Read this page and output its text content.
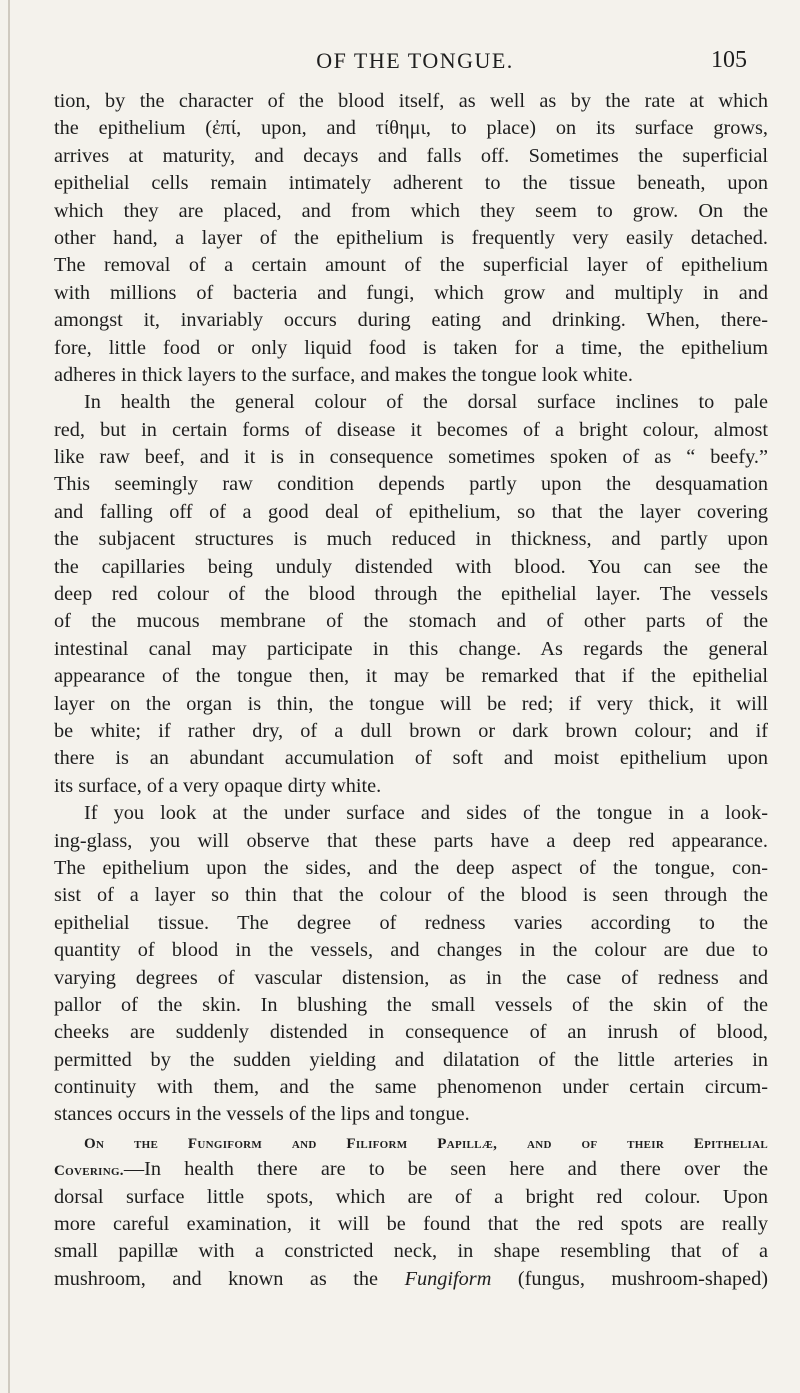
OF THE TONGUE.	105
tion, by the character of the blood itself, as well as by the rate at which
the epithelium (ἐπί, upon, and τίθημι, to place) on its surface grows,
arrives at maturity, and decays and falls off. Sometimes the superficial
epithelial cells remain intimately adherent to the tissue beneath, upon
which they are placed, and from which they seem to grow. On the
other hand, a layer of the epithelium is frequently very easily detached.
The removal of a certain amount of the superficial layer of epithelium
with millions of bacteria and fungi, which grow and multiply in and
amongst it, invariably occurs during eating and drinking. When, there-
fore, little food or only liquid food is taken for a time, the epithelium
adheres in thick layers to the surface, and makes the tongue look white.
In health the general colour of the dorsal surface inclines to pale
red, but in certain forms of disease it becomes of a bright colour, almost
like raw beef, and it is in consequence sometimes spoken of as “ beefy.”
This seemingly raw condition depends partly upon the desquamation
and falling off of a good deal of epithelium, so that the layer covering
the subjacent structures is much reduced in thickness, and partly upon
the capillaries being unduly distended with blood. You can see the
deep red colour of the blood through the epithelial layer. The vessels
of the mucous membrane of the stomach and of other parts of the
intestinal canal may participate in this change. As regards the general
appearance of the tongue then, it may be remarked that if the epithelial
layer on the organ is thin, the tongue will be red; if very thick, it will
be white; if rather dry, of a dull brown or dark brown colour; and if
there is an abundant accumulation of soft and moist epithelium upon
its surface, of a very opaque dirty white.
If you look at the under surface and sides of the tongue in a look-
ing-glass, you will observe that these parts have a deep red appearance.
The epithelium upon the sides, and the deep aspect of the tongue, con-
sist of a layer so thin that the colour of the blood is seen through the
epithelial tissue. The degree of redness varies according to the
quantity of blood in the vessels, and changes in the colour are due to
varying degrees of vascular distension, as in the case of redness and
pallor of the skin. In blushing the small vessels of the skin of the
cheeks are suddenly distended in consequence of an inrush of blood,
permitted by the sudden yielding and dilatation of the little arteries in
continuity with them, and the same phenomenon under certain circum-
stances occurs in the vessels of the lips and tongue.
On the Fungiform and Filiform Papillæ, and of their Epithelial
Covering.—In health there are to be seen here and there over the
dorsal surface little spots, which are of a bright red colour. Upon
more careful examination, it will be found that the red spots are really
small papillæ with a constricted neck, in shape resembling that of a
mushroom, and known as the Fungiform (fungus, mushroom-shaped)
